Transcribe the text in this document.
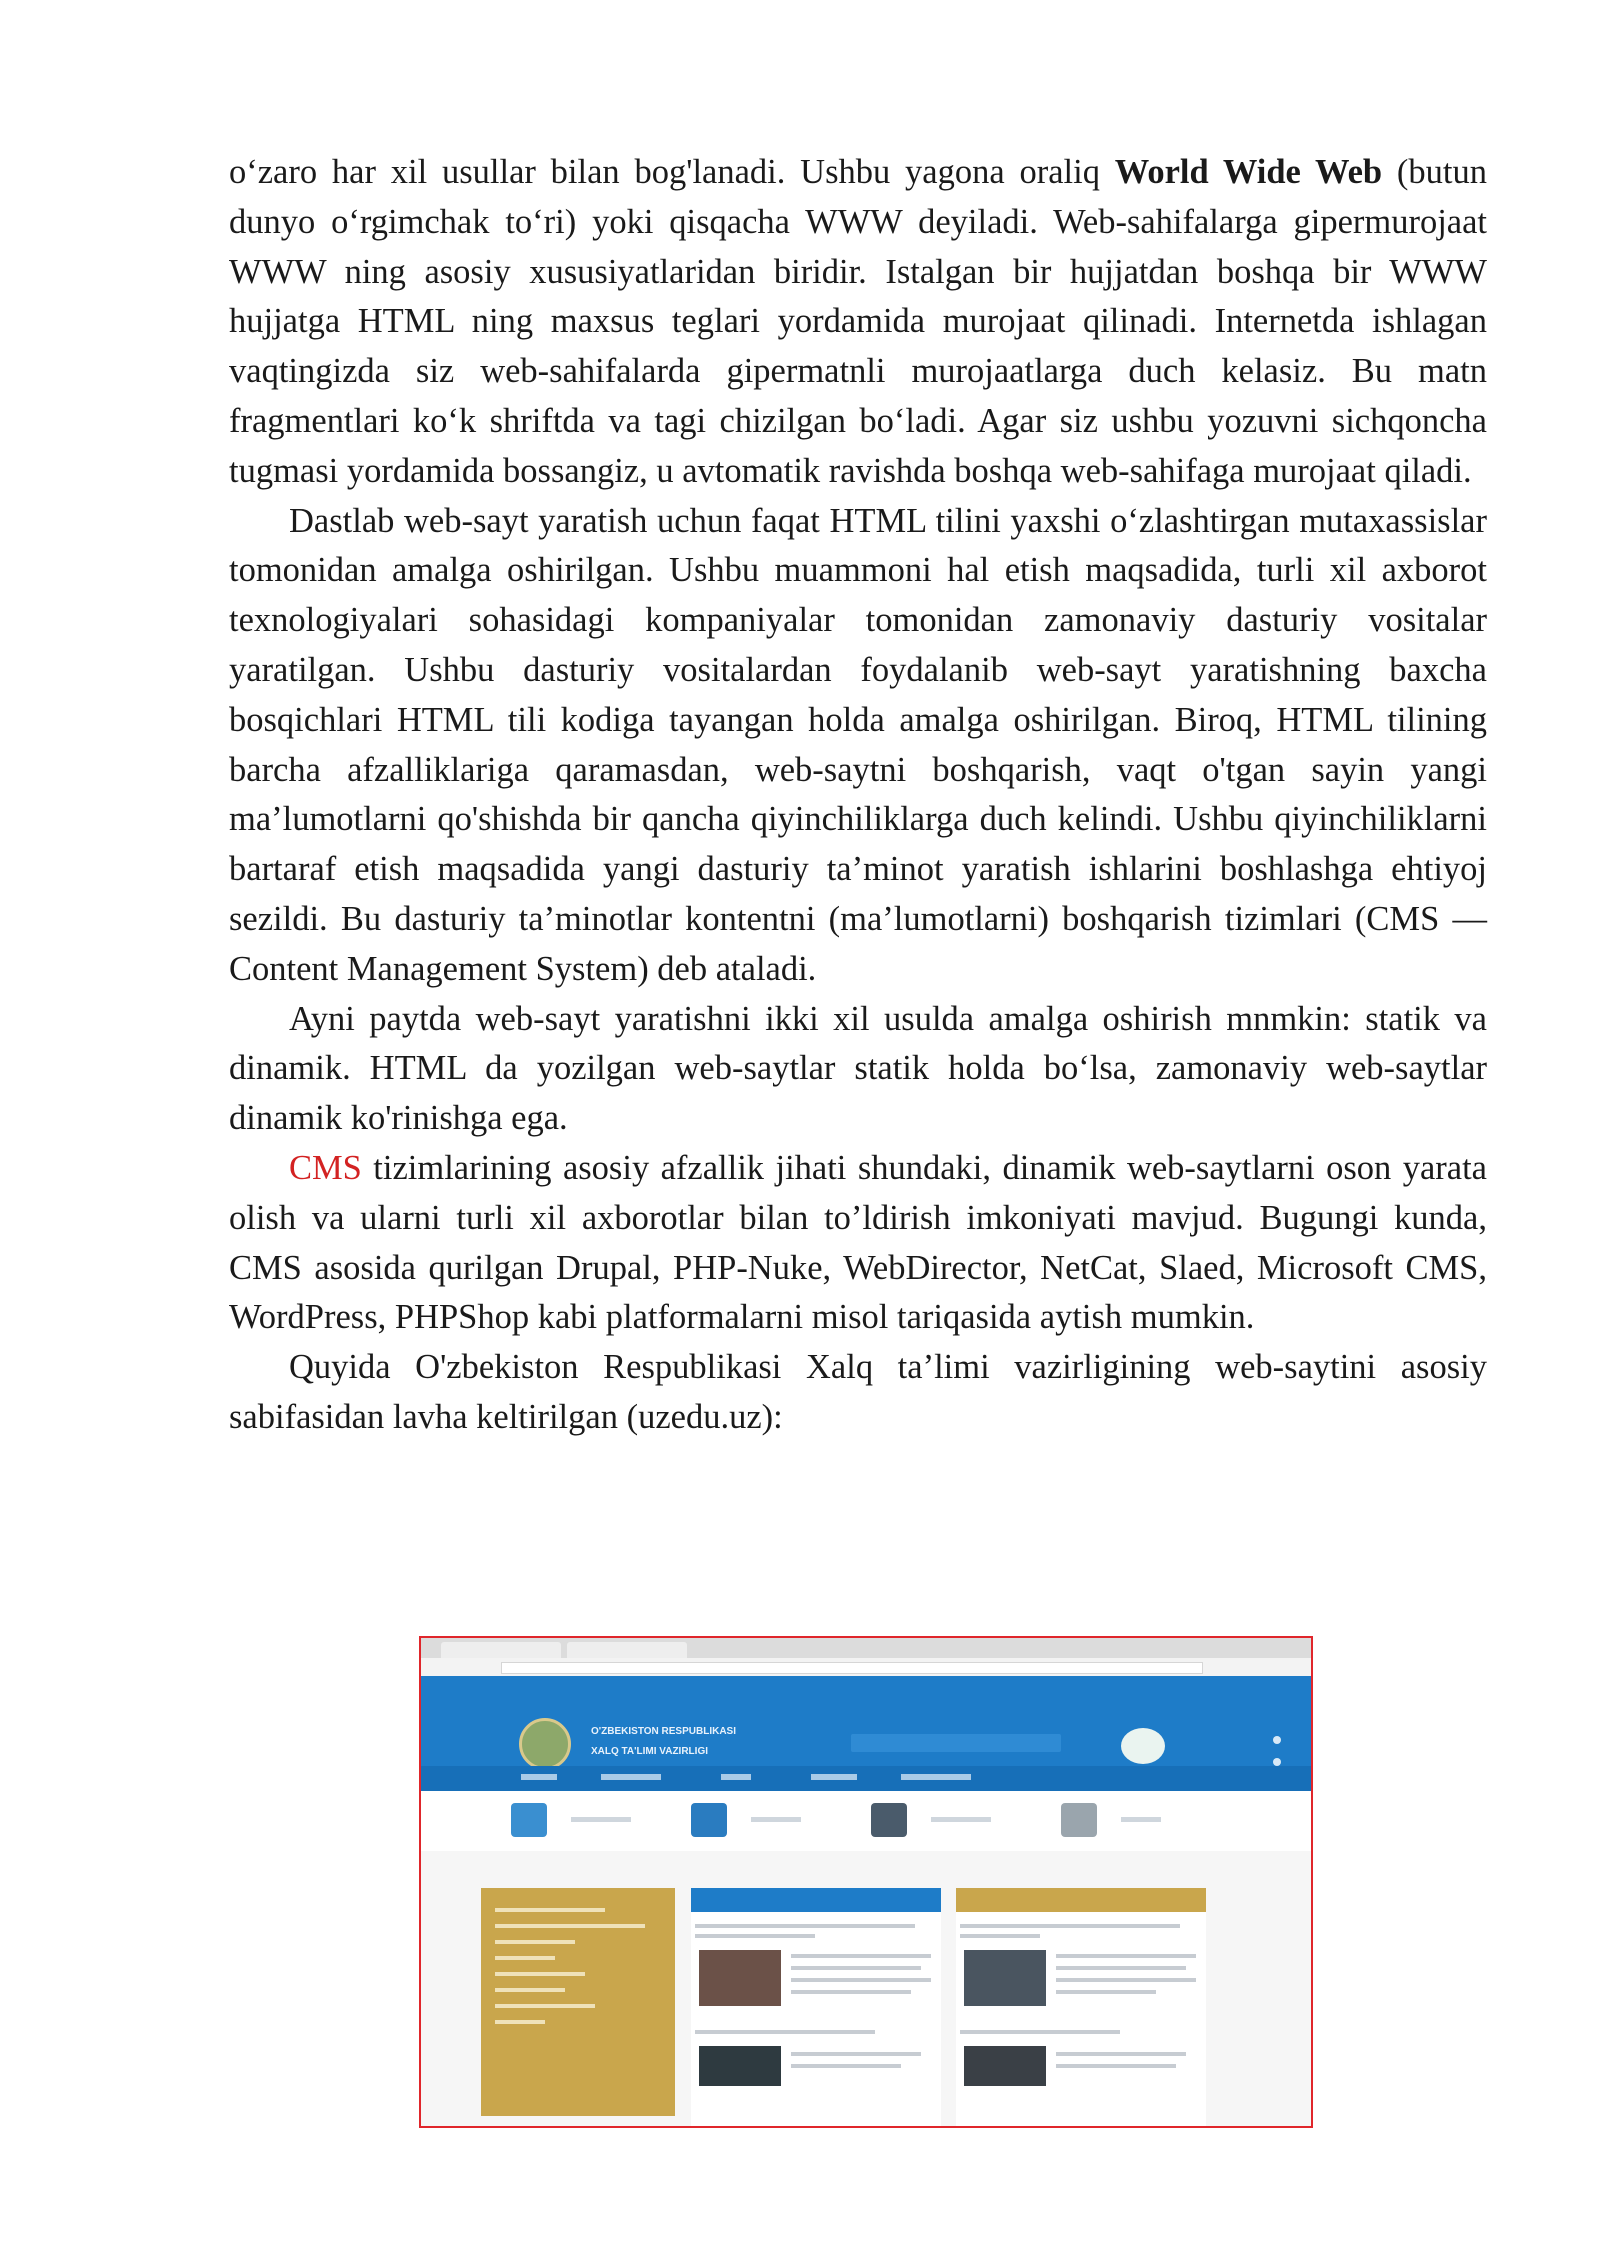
o‘zaro har xil usullar bilan bog'lanadi. Ushbu yagona oraliq World Wide Web (butun dunyo o‘rgimchak to‘ri) yoki qisqacha WWW deyiladi. Web-sahifalarga gipermurojaat WWW ning asosiy xususiyatlaridan biridir. Istalgan bir hujjatdan boshqa bir WWW hujjatga HTML ning maxsus teglari yordamida murojaat qilinadi. Internetda ishlagan vaqtingizda siz web-sahifalarda gipermatnli murojaatlarga duch kelasiz. Bu matn fragmentlari ko‘k shriftda va tagi chizilgan bo‘ladi. Agar siz ushbu yozuvni sichqoncha tugmasi yordamida bossangiz, u avtomatik ravishda boshqa web-sahifaga murojaat qiladi.

Dastlab web-sayt yaratish uchun faqat HTML tilini yaxshi o‘zlashtirgan mutaxassislar tomonidan amalga oshirilgan. Ushbu muammoni hal etish maqsadida, turli xil axborot texnologiyalari sohasidagi kompaniyalar tomonidan zamonaviy dasturiy vositalar yaratilgan. Ushbu dasturiy vositalardan foydalanib web-sayt yaratishning baxcha bosqichlari HTML tili kodiga tayangan holda amalga oshirilgan. Biroq, HTML tilining barcha afzalliklariga qaramasdan, web-saytni boshqarish, vaqt o'tgan sayin yangi ma’lumotlarni qo'shishda bir qancha qiyinchiliklarga duch kelindi. Ushbu qiyinchiliklarni bartaraf etish maqsadida yangi dasturiy ta’minot yaratish ishlarini boshlashga ehtiyoj sezildi. Bu dasturiy ta’minotlar kontentni (ma’lumotlarni) boshqarish tizimlari (CMS — Content Management System) deb ataladi.

Ayni paytda web-sayt yaratishni ikki xil usulda amalga oshirish mnmkin: statik va dinamik. HTML da yozilgan web-saytlar statik holda bo‘lsa, zamonaviy web-saytlar dinamik ko'rinishga ega.

CMS tizimlarining asosiy afzallik jihati shundaki, dinamik web-saytlarni oson yarata olish va ularni turli xil axborotlar bilan to’ldirish imkoniyati mavjud. Bugungi kunda, CMS asosida qurilgan Drupal, PHP-Nuke, WebDirector, NetCat, Slaed, Microsoft CMS, WordPress, PHPShop kabi platformalarni misol tariqasida aytish mumkin.

Quyida O'zbekiston Respublikasi Xalq ta’limi vazirligining web-saytini asosiy sabifasidan lavha keltirilgan (uzedu.uz):

O'ZBEKISTON RESPUBLIKASI
XALQ TA'LIMI VAZIRLIGI
